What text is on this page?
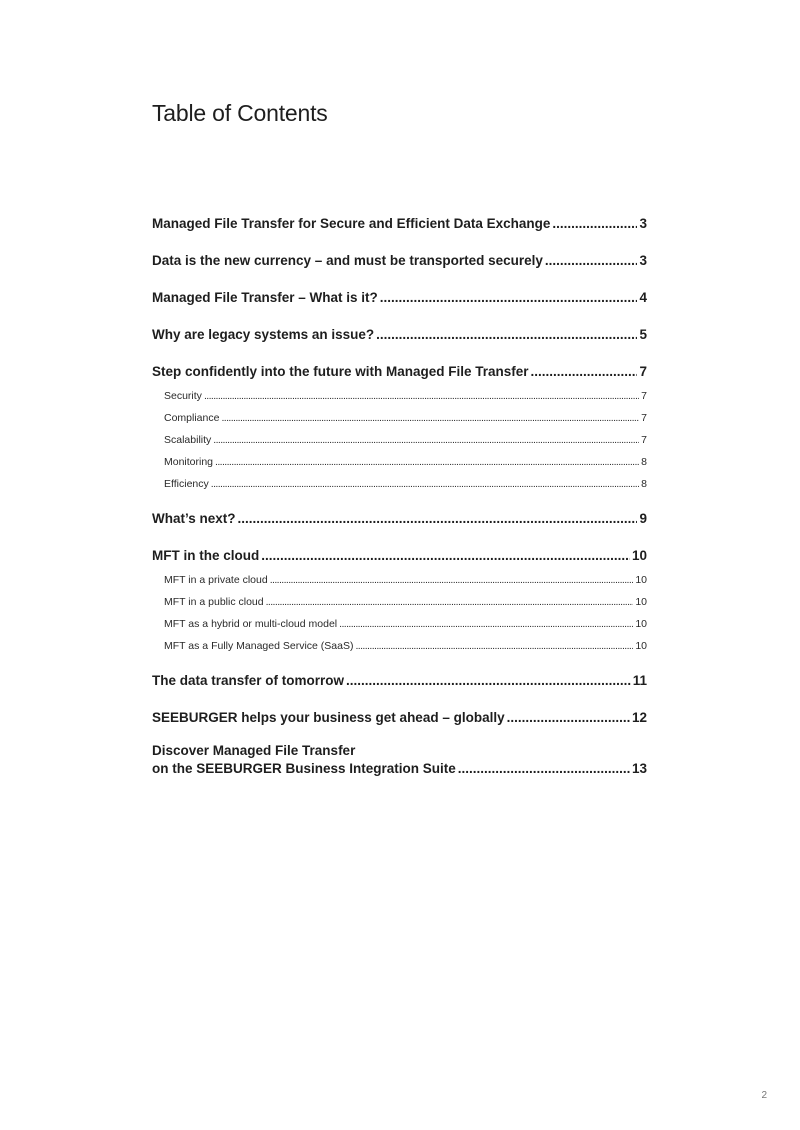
Table of Contents
Managed File Transfer for Secure and Efficient Data Exchange .....	3
Data is the new currency – and must be transported securely .....	3
Managed File Transfer – What is it? .....	4
Why are legacy systems an issue? .....	5
Step confidently into the future with Managed File Transfer .....	7
Security .....	7
Compliance .....	7
Scalability .....	7
Monitoring .....	8
Efficiency .....	8
What’s next? .....	9
MFT in the cloud .....	10
MFT in a private cloud .....	10
MFT in a public cloud .....	10
MFT as a hybrid or multi-cloud model .....	10
MFT as a Fully Managed Service (SaaS) .....	10
The data transfer of tomorrow .....	11
SEEBURGER helps your business get ahead – globally .....	12
Discover Managed File Transfer
on the SEEBURGER Business Integration Suite .....	13
2
